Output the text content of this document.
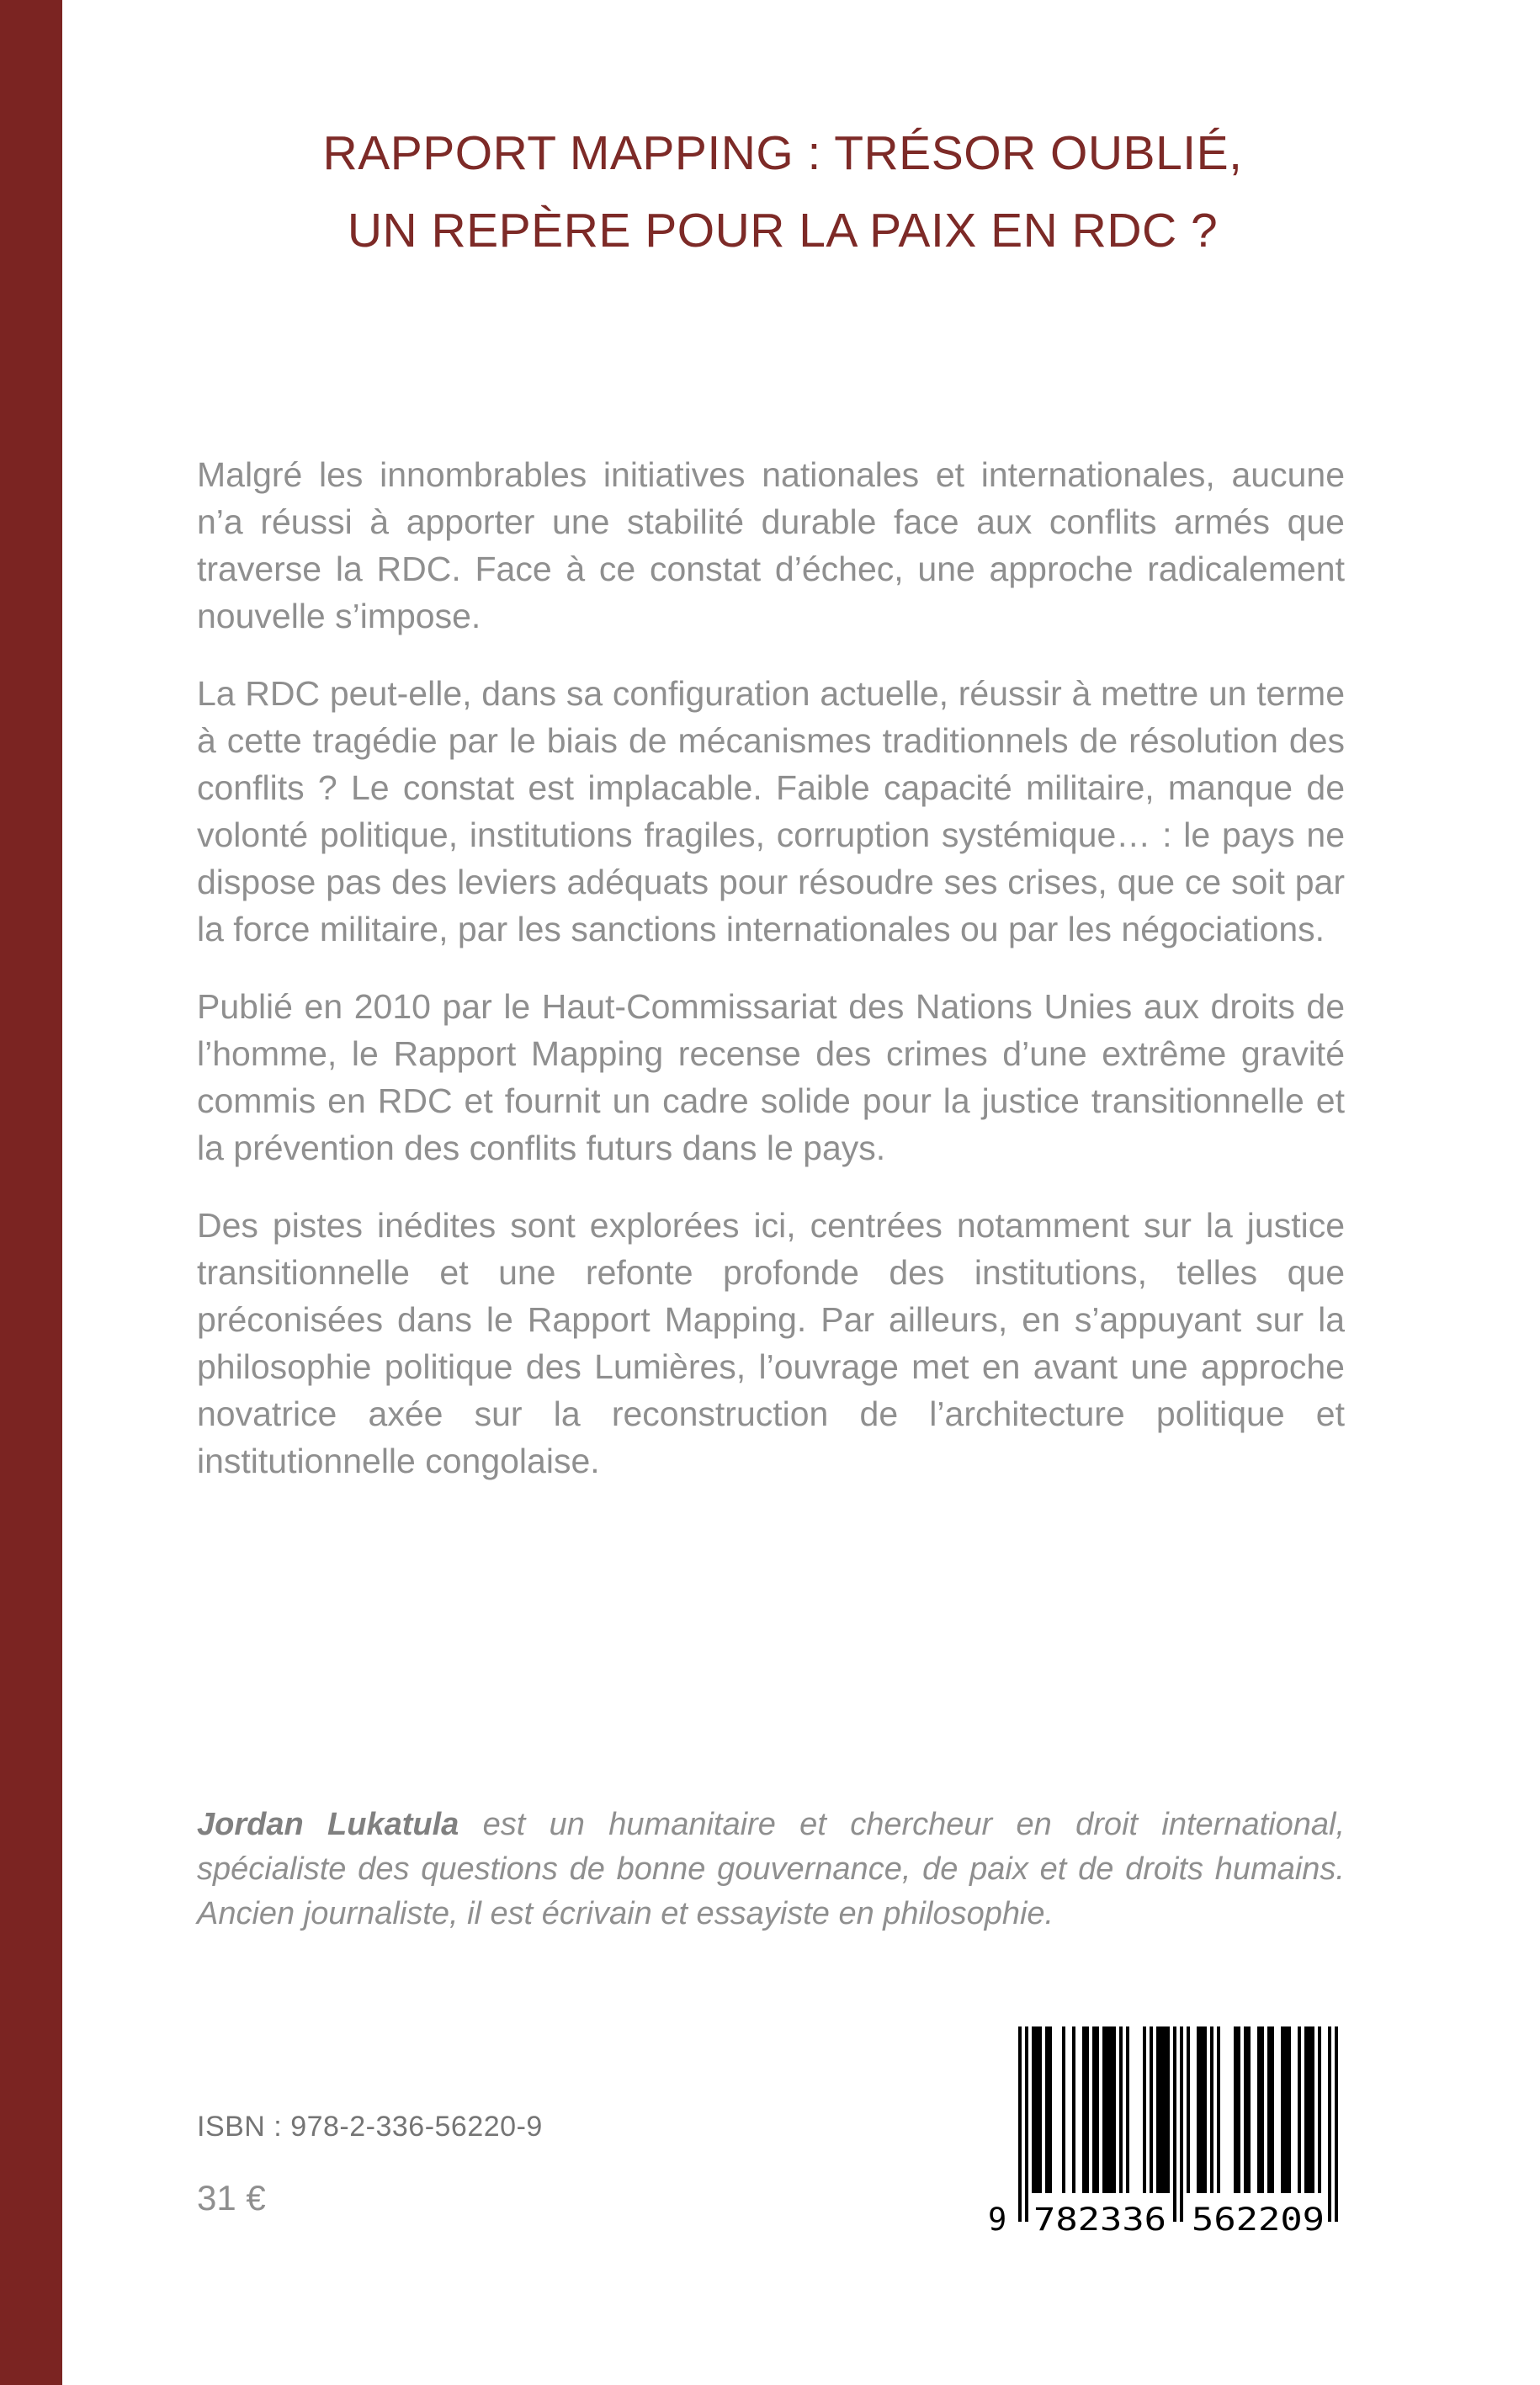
RAPPORT MAPPING : TRÉSOR OUBLIÉ,
UN REPÈRE POUR LA PAIX EN RDC ?

Malgré les innombrables initiatives nationales et internationales, aucune n’a réussi à apporter une stabilité durable face aux conflits armés que traverse la RDC. Face à ce constat d’échec, une approche radicalement nouvelle s’impose.

La RDC peut-elle, dans sa configuration actuelle, réussir à mettre un terme à cette tragédie par le biais de mécanismes traditionnels de résolution des conflits ? Le constat est implacable. Faible capacité militaire, manque de volonté politique, institutions fragiles, corruption systémique… : le pays ne dispose pas des leviers adéquats pour résoudre ses crises, que ce soit par la force militaire, par les sanctions internationales ou par les négociations.

Publié en 2010 par le Haut-Commissariat des Nations Unies aux droits de l’homme, le Rapport Mapping recense des crimes d’une extrême gravité commis en RDC et fournit un cadre solide pour la justice transitionnelle et la prévention des conflits futurs dans le pays.

Des pistes inédites sont explorées ici, centrées notamment sur la justice transitionnelle et une refonte profonde des institutions, telles que préconisées dans le Rapport Mapping. Par ailleurs, en s’appuyant sur la philosophie politique des Lumières, l’ouvrage met en avant une approche novatrice axée sur la reconstruction de l’architecture politique et institutionnelle congolaise.

Jordan Lukatula est un humanitaire et chercheur en droit international, spécialiste des questions de bonne gouvernance, de paix et de droits humains. Ancien journaliste, il est écrivain et essayiste en philosophie.
ISBN : 978-2-336-56220-9
31 €
9 782336 562209
